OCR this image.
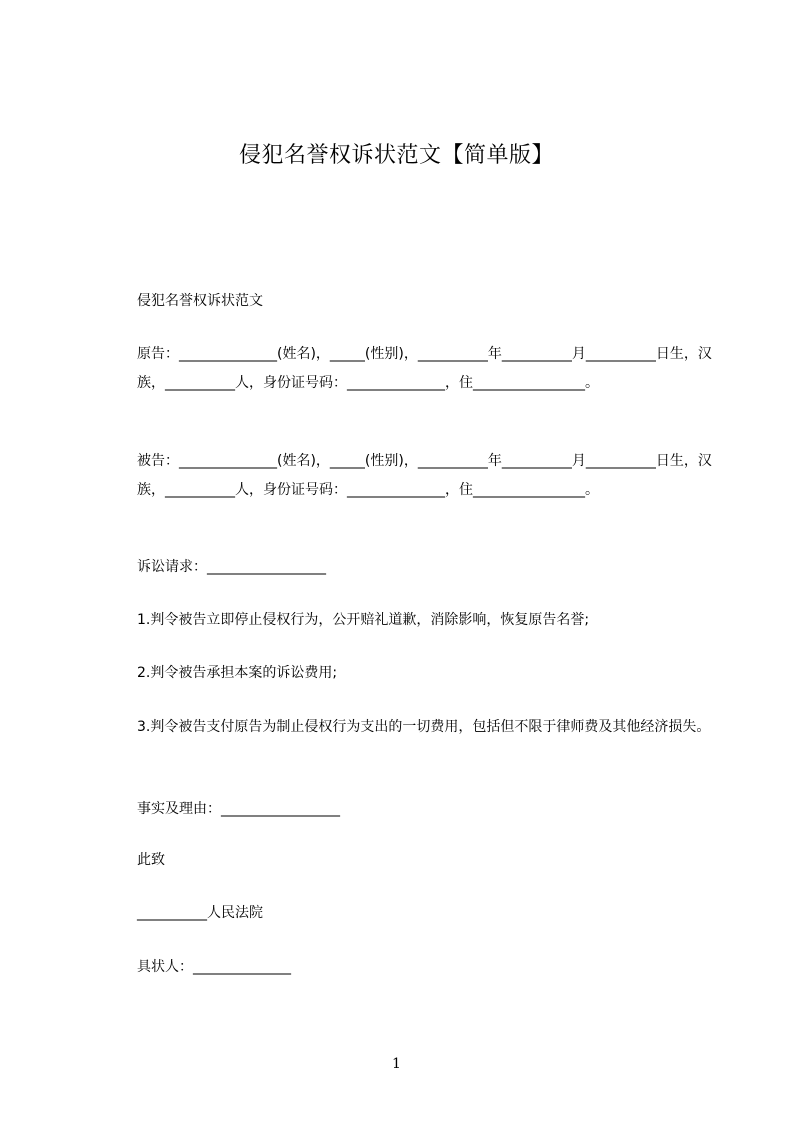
侵犯名誉权诉状范文【简单版】

侵犯名誉权诉状范文

原告：______________(姓名)，_____(性别)，__________年__________月__________日生，汉族，__________人，身份证号码：______________，住________________。

被告：______________(姓名)，_____(性别)，__________年__________月__________日生，汉族，__________人，身份证号码：______________，住________________。

诉讼请求：_________________

1.判令被告立即停止侵权行为，公开赔礼道歉，消除影响，恢复原告名誉;

2.判令被告承担本案的诉讼费用;

3.判令被告支付原告为制止侵权行为支出的一切费用，包括但不限于律师费及其他经济损失。

事实及理由：_________________

此致

__________人民法院

具状人：______________

1
